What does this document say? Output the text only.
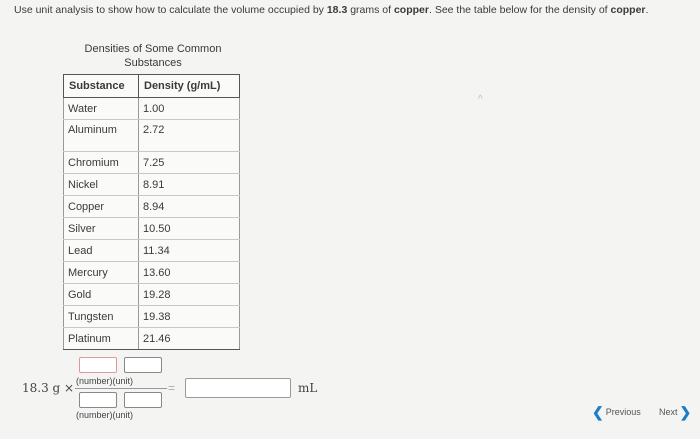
Use unit analysis to show how to calculate the volume occupied by 18.3 grams of copper. See the table below for the density of copper.
Densities of Some Common Substances
Substance	Density (g/mL)
Water	1.00
Aluminum	2.72
Chromium	7.25
Nickel	8.91
Copper	8.94
Silver	10.50
Lead	11.34
Mercury	13.60
Gold	19.28
Tungsten	19.38
Platinum	21.46
^
18.3 g × (number)(unit)
(number)(unit)
=	mL
❮ Previous Next ❯
